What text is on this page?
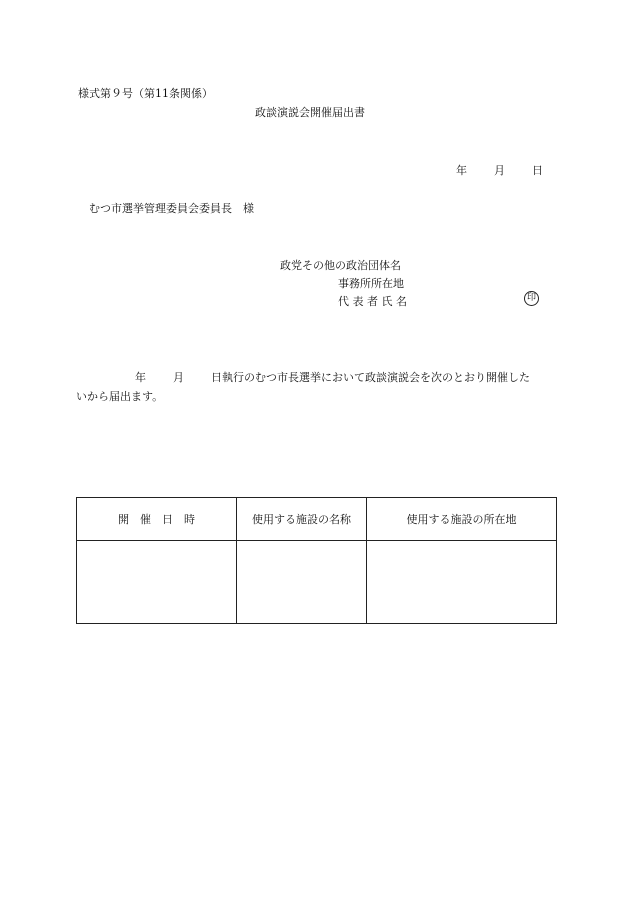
様式第９号（第11条関係）
政談演説会開催届出書
年 月 日
むつ市選挙管理委員会委員長　様
政党その他の政治団体名
事務所所在地
代 表 者 氏 名	印
年 月 日執行のむつ市長選挙において政談演説会を次のとおり開催した
いから届出ます。
開　催　日　時	使用する施設の名称	使用する施設の所在地
